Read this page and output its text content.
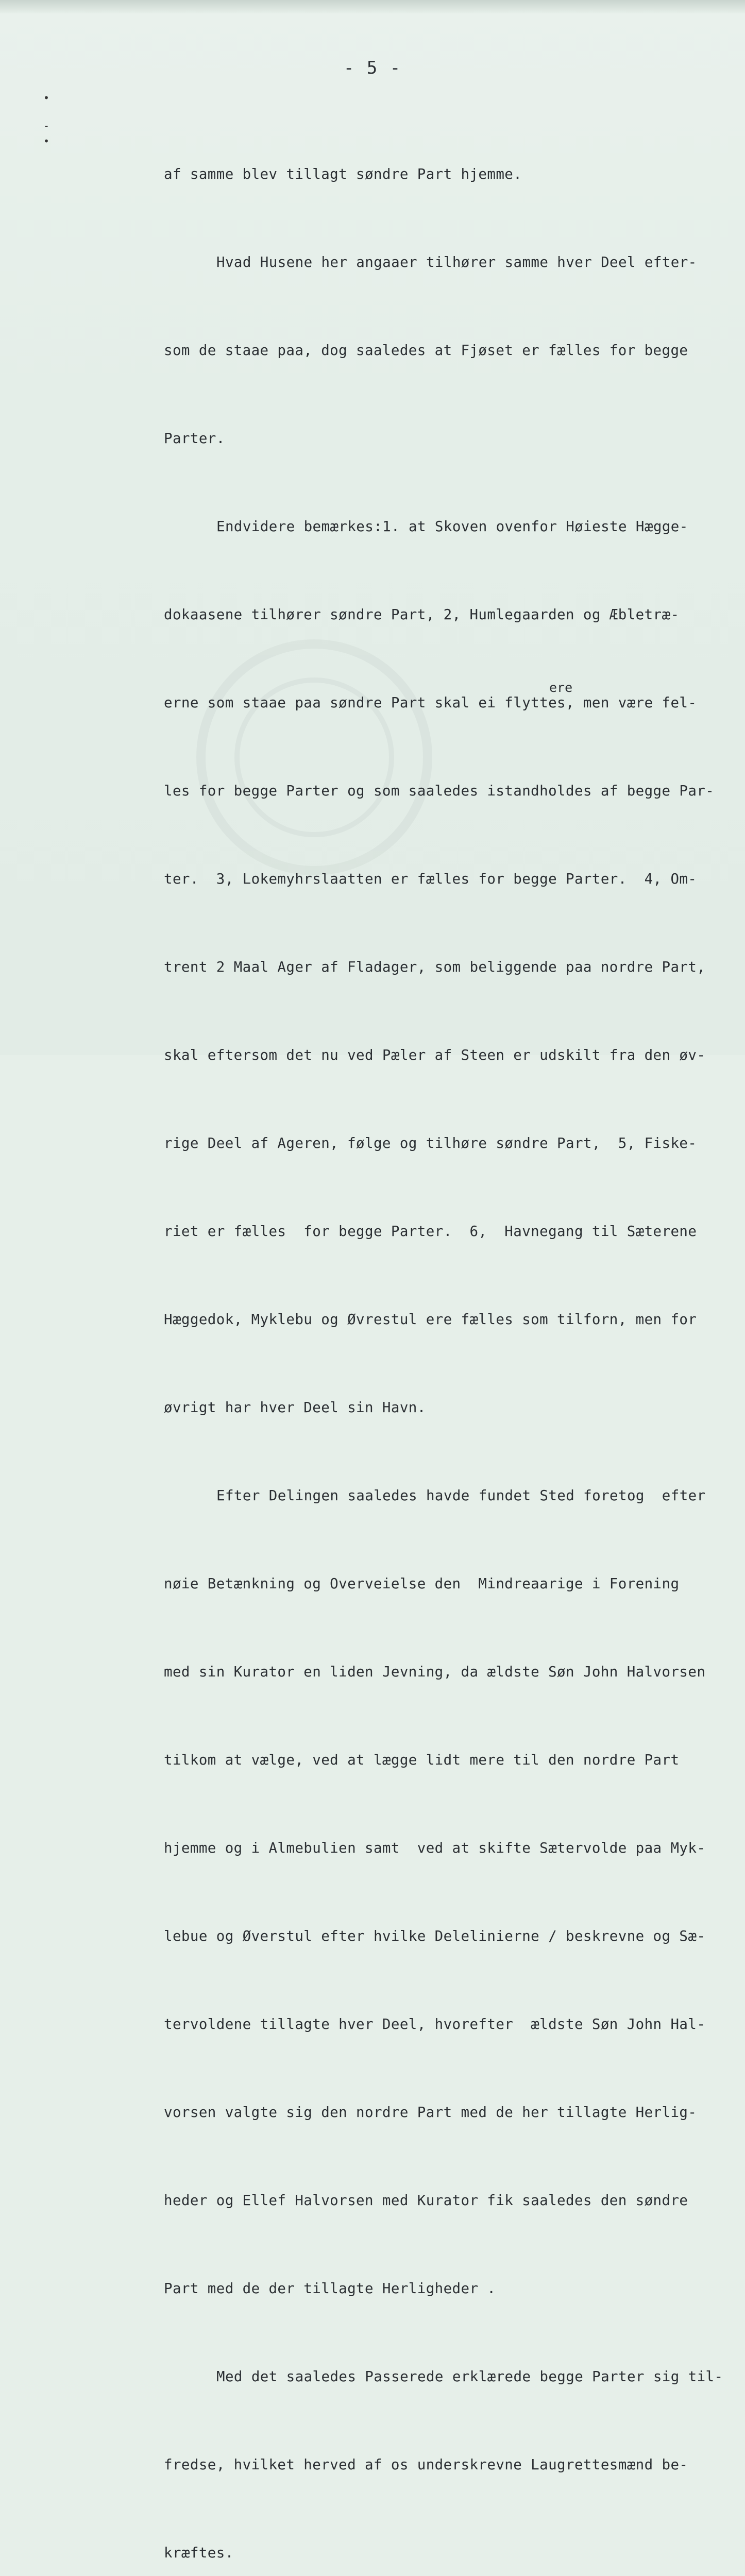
- 5 -
•
-
•

af samme blev tillagt søndre Part hjemme.

Hvad Husene her angaaer tilhører samme hver Deel efter-

som de staae paa, dog saaledes at Fjøset er fælles for begge

Parter.

Endvidere bemærkes:1. at Skoven ovenfor Høieste Hægge-

dokaasene tilhører søndre Part, 2, Humlegaarden og Æbletræ-

erne som staae paa søndre Part skal ei flyttes, men være fel-

les for begge Parter og som saaledes istandholdes af begge Par-

ter.  3, Lokemyhrslaatten er fælles for begge Parter.  4, Om-

trent 2 Maal Ager af Fladager, som beliggende paa nordre Part,

skal eftersom det nu ved Pæler af Steen er udskilt fra den øv-

rige Deel af Ageren, følge og tilhøre søndre Part,  5, Fiske-

riet er fælles  for begge Parter.  6,  Havnegang til Sæterene

Hæggedok, Myklebu og Øvrestul ere fælles som tilforn, men for

øvrigt har hver Deel sin Havn.

Efter Delingen saaledes havde fundet Sted foretog  efter

nøie Betænkning og Overveielse den  Mindreaarige i Forening

med sin Kurator en liden Jevning, da ældste Søn John Halvorsen

tilkom at vælge, ved at lægge lidt mere til den nordre Part

hjemme og i Almebulien samt  ved at skifte Sætervolde paa Myk-

lebue og Øverstul efter hvilke Delelinierne / beskrevne og Sæ-

tervoldene tillagte hver Deel, hvorefter  ældste Søn John Hal-

vorsen valgte sig den nordre Part med de her tillagte Herlig-

heder og Ellef Halvorsen med Kurator fik saaledes den søndre

Part med de der tillagte Herligheder .

Med det saaledes Passerede erklærede begge Parter sig til-

fredse, hvilket herved af os underskrevne Laugrettesmænd be-

kræftes.

ere
